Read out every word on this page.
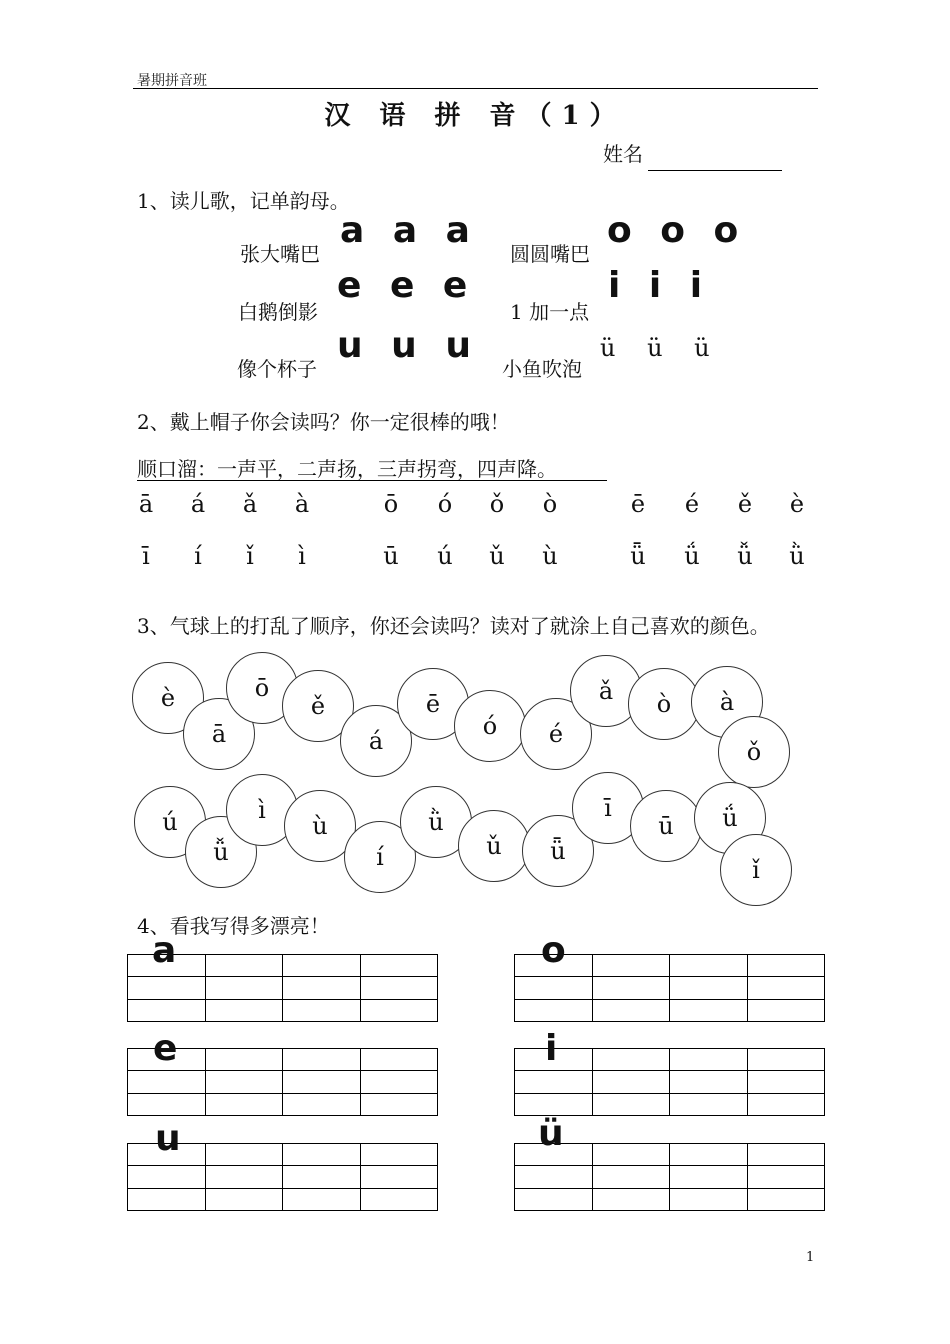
暑期拼音班
汉 语 拼 音（1）
姓名
1、读儿歌，记单韵母。
张大嘴巴
a a a
圆圆嘴巴
o o o
白鹅倒影
e e e
1 加一点
i i i
像个杯子
u u u
小鱼吹泡
ü ü ü
2、戴上帽子你会读吗？你一定很棒的哦！
顺口溜：一声平，二声扬，三声拐弯，四声降。
ā á ǎ à	ō ó ǒ ò	ē é ě è
ī	í	ǐ	ì	ū ú ǔ ù	ǖ ǘ ǚ ǜ
3、气球上的打乱了顺序，你还会读吗？读对了就涂上自己喜欢的颜色。
è
ā
ō
ě
á
ē
ó	é
ǎ	ò	à
ǒ
ú
ǚ
ì
ù
í
ǜ
ǔ	ǖ
ī
ū	ǘ
ǐ
4、看我写得多漂亮！

a

				o

e

				i

u

				ü
1
